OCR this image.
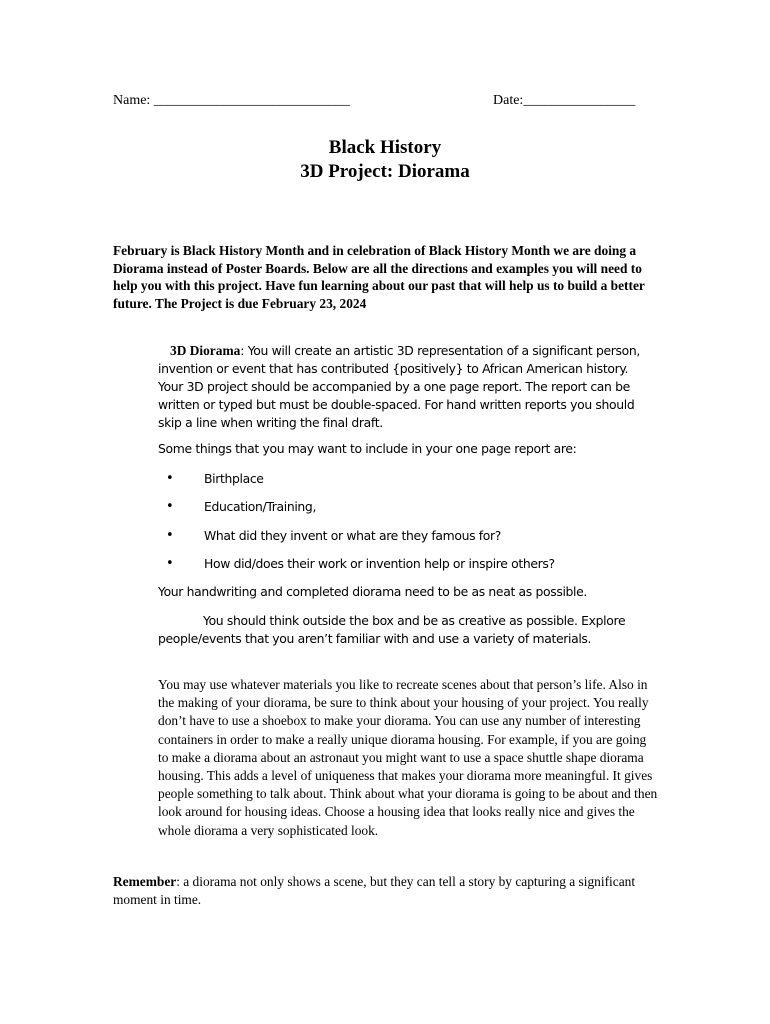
Name: ____________________________	Date:________________
Black History
3D Project: Diorama
February is Black History Month and in celebration of Black History Month we are doing a Diorama instead of Poster Boards. Below are all the directions and examples you will need to help you with this project. Have fun learning about our past that will help us to build a better future. The Project is due February 23, 2024
3D Diorama: You will create an artistic 3D representation of a significant person, invention or event that has contributed {positively} to African American history. Your 3D project should be accompanied by a one page report. The report can be written or typed but must be double-spaced. For hand written reports you should skip a line when writing the final draft.
Some things that you may want to include in your one page report are:
• Birthplace
• Education/Training,
• What did they invent or what are they famous for?
• How did/does their work or invention help or inspire others?
Your handwriting and completed diorama need to be as neat as possible.
You should think outside the box and be as creative as possible. Explore people/events that you aren’t familiar with and use a variety of materials.
You may use whatever materials you like to recreate scenes about that person’s life. Also in the making of your diorama, be sure to think about your housing of your project. You really don’t have to use a shoebox to make your diorama. You can use any number of interesting containers in order to make a really unique diorama housing. For example, if you are going to make a diorama about an astronaut you might want to use a space shuttle shape diorama housing. This adds a level of uniqueness that makes your diorama more meaningful. It gives people something to talk about. Think about what your diorama is going to be about and then look around for housing ideas. Choose a housing idea that looks really nice and gives the whole diorama a very sophisticated look.
Remember: a diorama not only shows a scene, but they can tell a story by capturing a significant moment in time.
